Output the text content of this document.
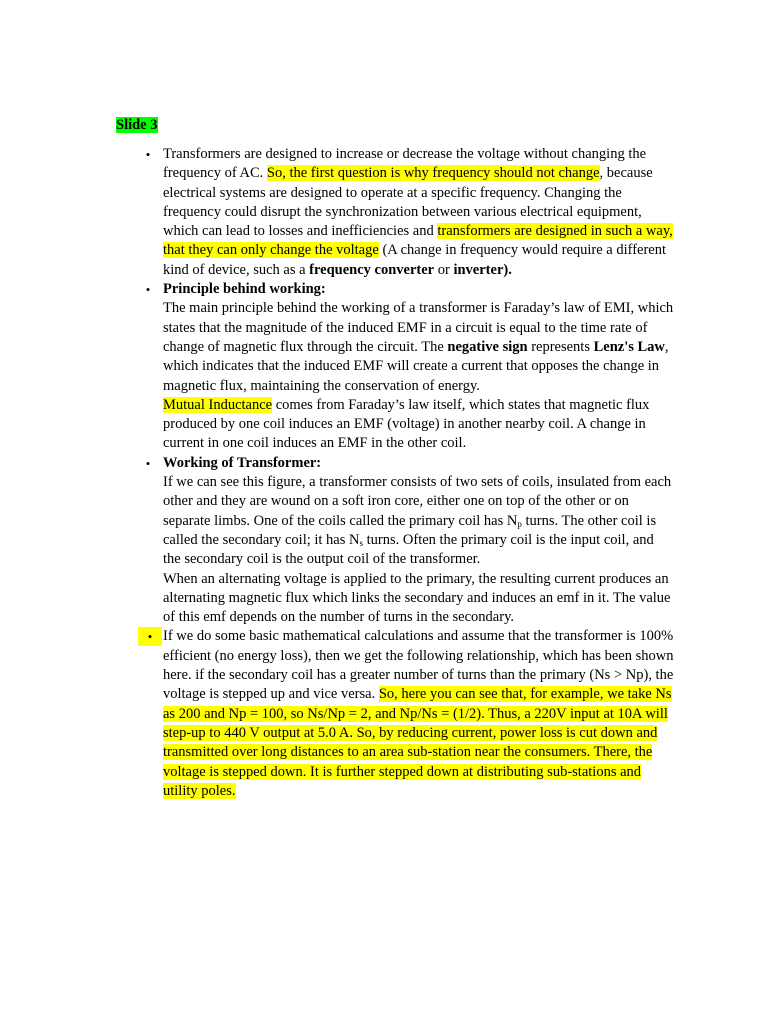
Slide 3

• Transformers are designed to increase or decrease the voltage without changing the frequency of AC. So, the first question is why frequency should not change, because electrical systems are designed to operate at a specific frequency. Changing the frequency could disrupt the synchronization between various electrical equipment, which can lead to losses and inefficiencies and transformers are designed in such a way, that they can only change the voltage (A change in frequency would require a different kind of device, such as a frequency converter or inverter).
• Principle behind working:
The main principle behind the working of a transformer is Faraday’s law of EMI, which states that the magnitude of the induced EMF in a circuit is equal to the time rate of change of magnetic flux through the circuit. The negative sign represents Lenz's Law, which indicates that the induced EMF will create a current that opposes the change in magnetic flux, maintaining the conservation of energy.
Mutual Inductance comes from Faraday’s law itself, which states that magnetic flux produced by one coil induces an EMF (voltage) in another nearby coil. A change in current in one coil induces an EMF in the other coil.
• Working of Transformer:
If we can see this figure, a transformer consists of two sets of coils, insulated from each other and they are wound on a soft iron core, either one on top of the other or on separate limbs. One of the coils called the primary coil has $N_p$ turns. The other coil is called the secondary coil; it has $N_s$ turns. Often the primary coil is the input coil, and the secondary coil is the output coil of the transformer.
When an alternating voltage is applied to the primary, the resulting current produces an alternating magnetic flux which links the secondary and induces an emf in it. The value of this emf depends on the number of turns in the secondary.
• If we do some basic mathematical calculations and assume that the transformer is 100% efficient (no energy loss), then we get the following relationship, which has been shown here. if the secondary coil has a greater number of turns than the primary (Ns > Np), the voltage is stepped up and vice versa. So, here you can see that, for example, we take Ns as 200 and Np = 100, so Ns/Np = 2, and Np/Ns = (1/2). Thus, a 220V input at 10A will step-up to 440 V output at 5.0 A. So, by reducing current, power loss is cut down and transmitted over long distances to an area sub-station near the consumers. There, the voltage is stepped down. It is further stepped down at distributing sub-stations and utility poles.
